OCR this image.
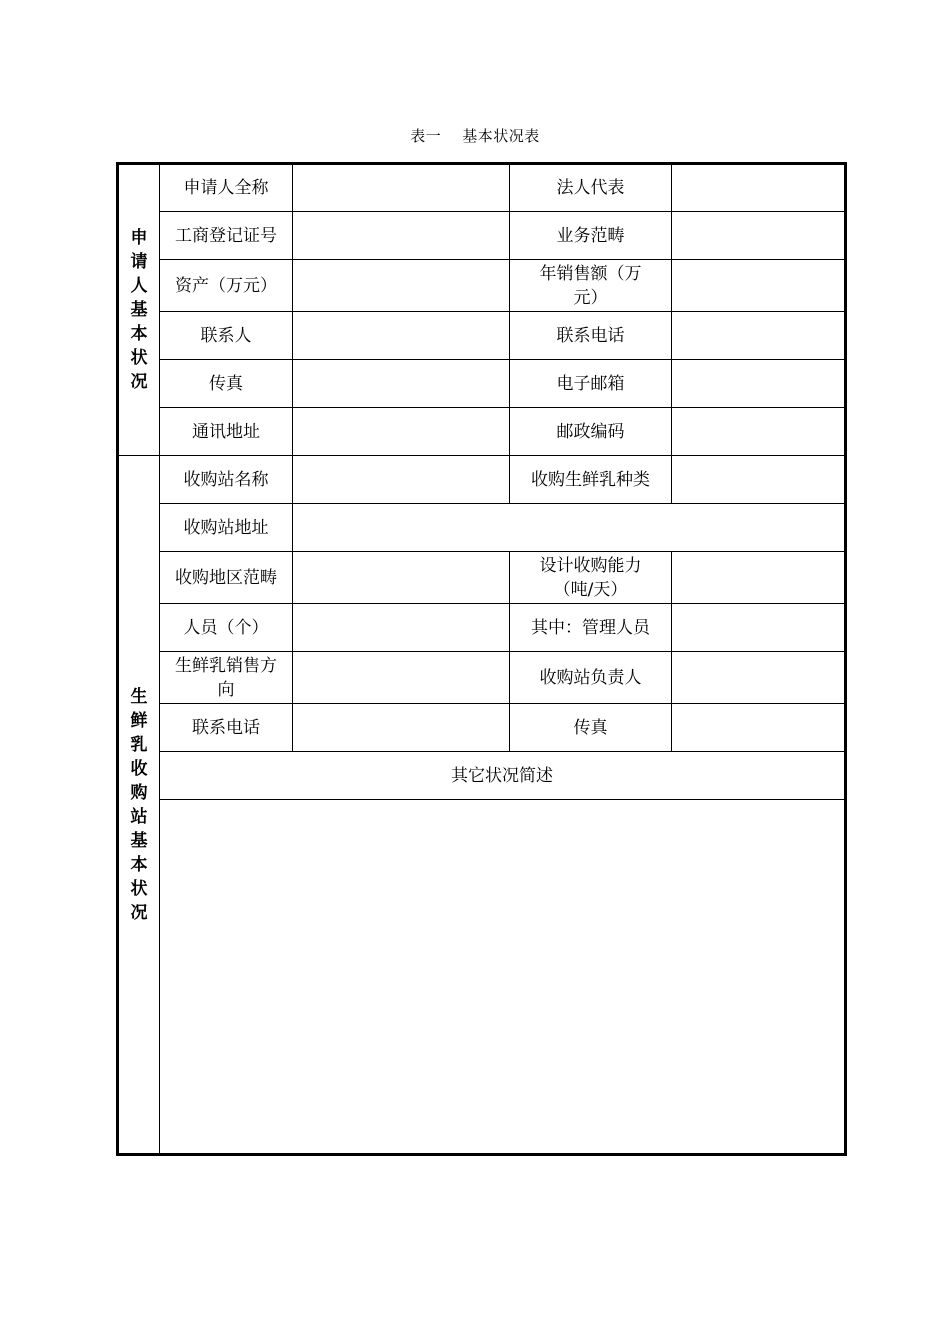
表一    基本状况表
申请人基本状况	申请人全称		法人代表	
	工商登记证号		业务范畴	
	资产（万元）		年销售额（万元）	
	联系人		联系电话	
	传真		电子邮箱	
	通讯地址		邮政编码	
生鲜乳收购站基本状况	收购站名称		收购生鲜乳种类	
	收购站地址			
	收购地区范畴		设计收购能力（吨/天）	
	人员（个）		其中：管理人员	
	生鲜乳销售方向		收购站负责人	
	联系电话		传真	
	其它状况简述			
